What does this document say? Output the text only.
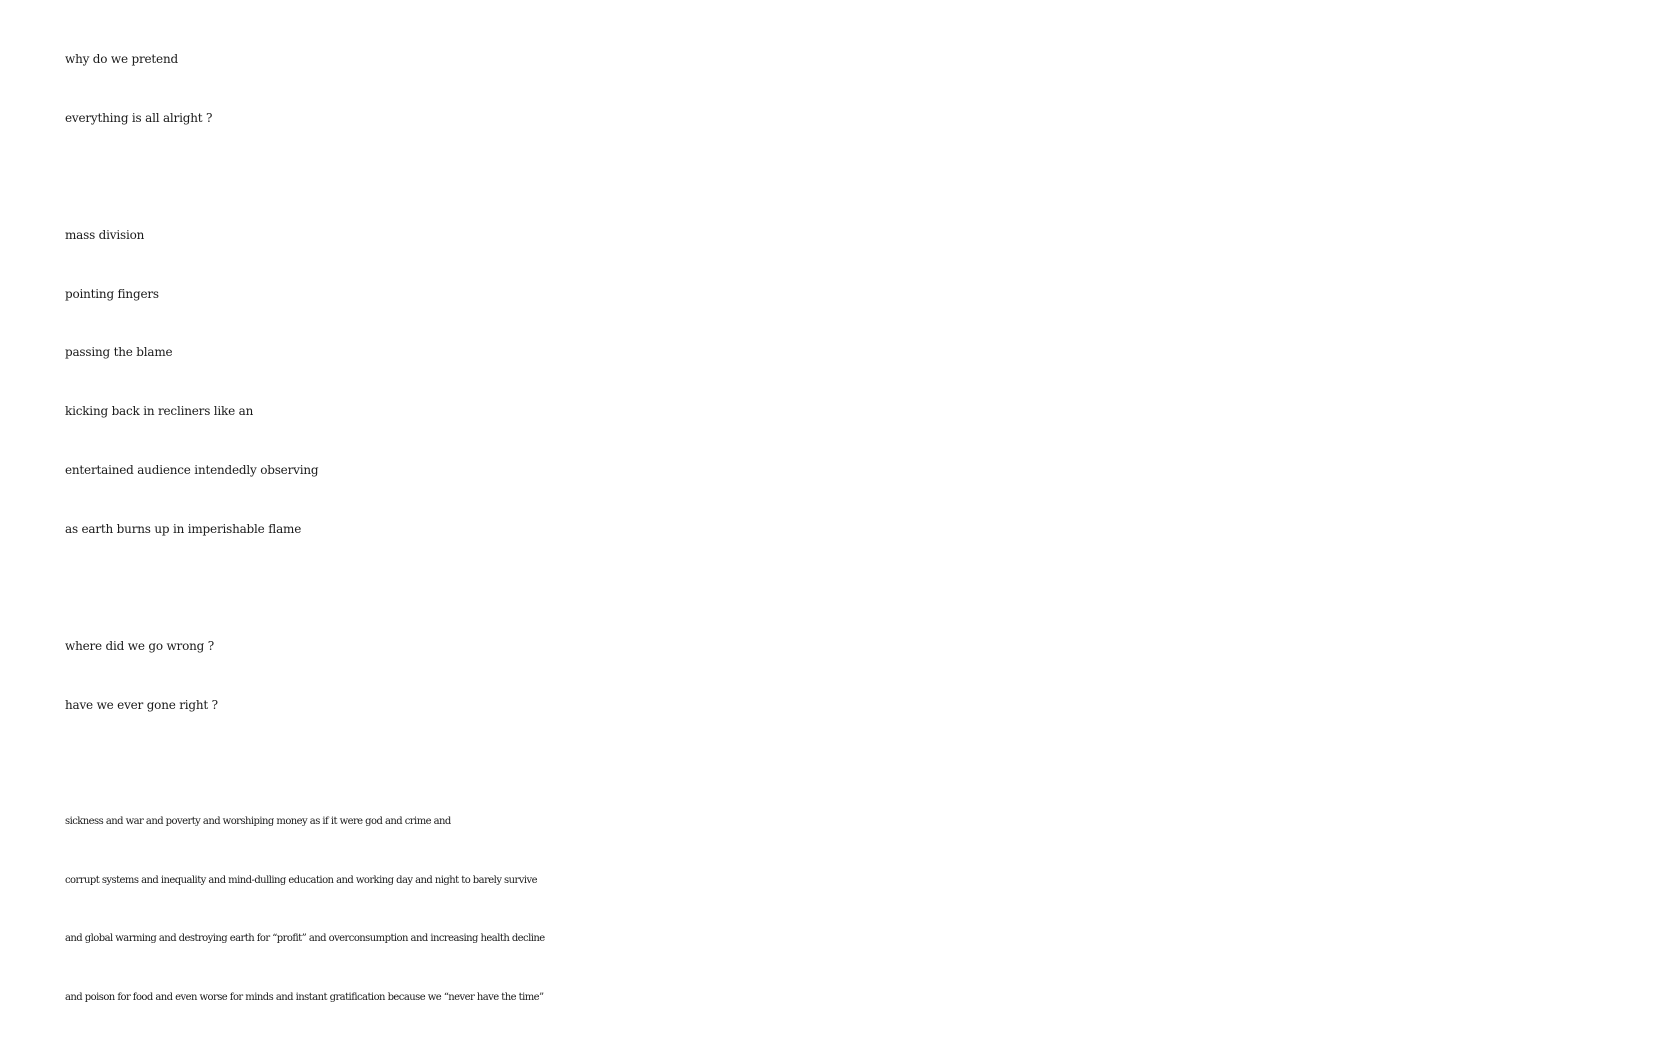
why do we pretend
everything is all alright ?
mass division
pointing fingers
passing the blame
kicking back in recliners like an
entertained audience intendedly observing
as earth burns up in imperishable flame
where did we go wrong ?
have we ever gone right ?
sickness and war and poverty and worshiping money as if it were god and crime and
corrupt systems and inequality and mind-dulling education and working day and night to barely survive
and global warming and destroying earth for “profit” and overconsumption and increasing health decline
and poison for food and even worse for minds and instant gratification because we “never have the time”
